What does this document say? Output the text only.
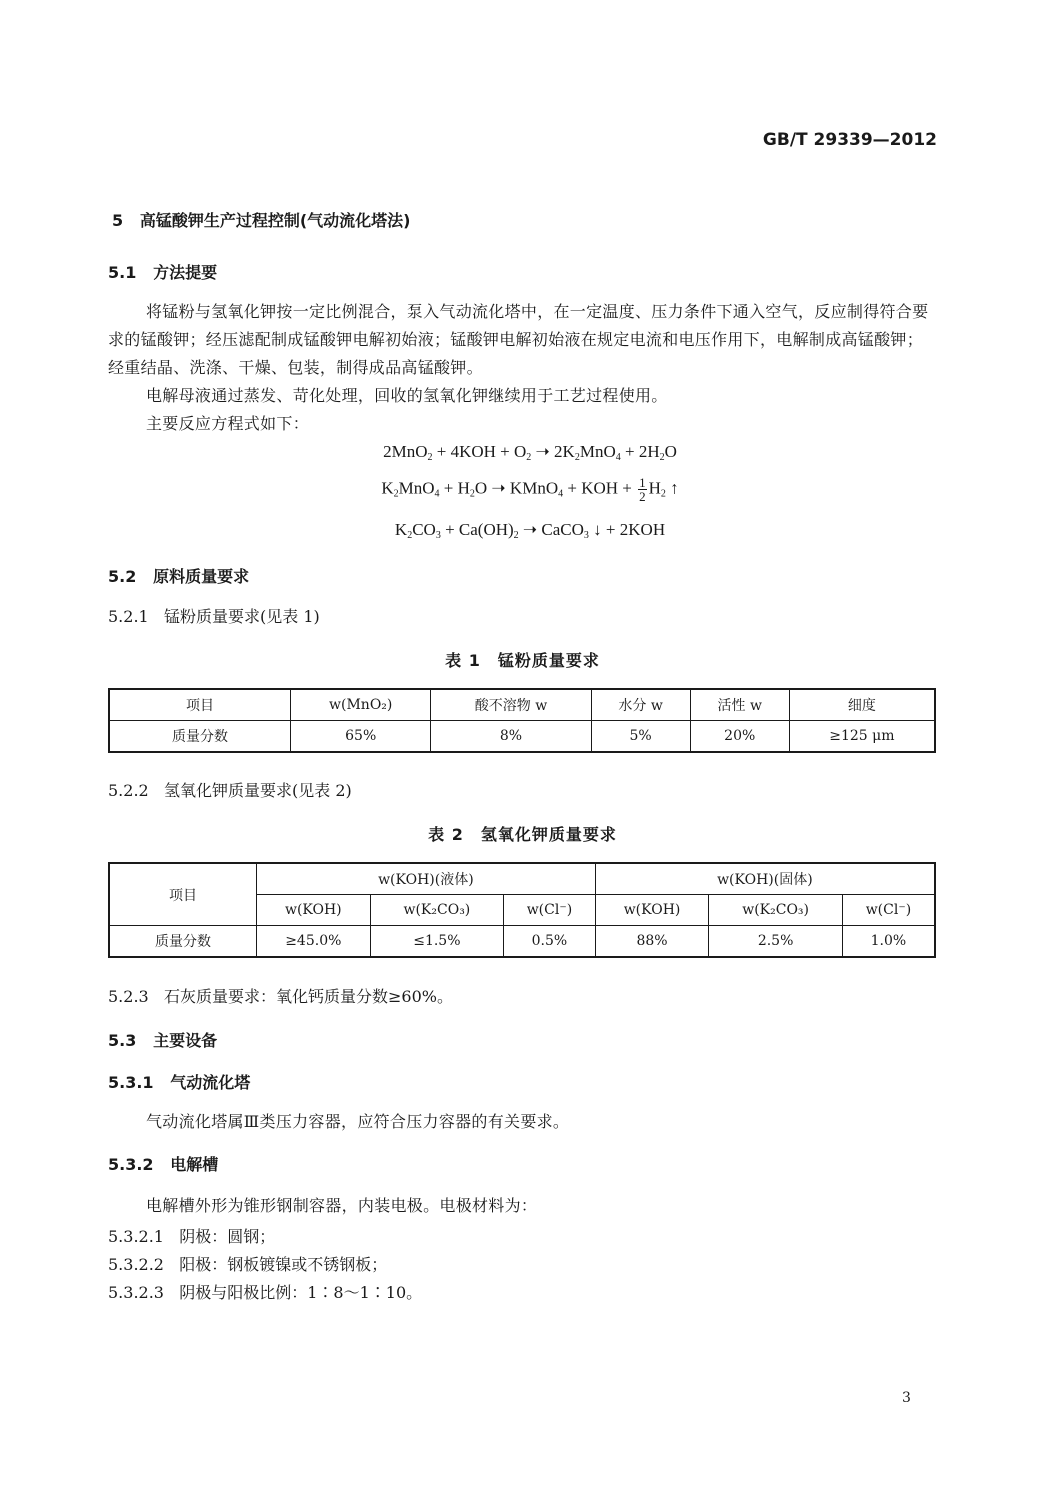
GB/T 29339—2012
5 高锰酸钾生产过程控制(气动流化塔法)
5.1 方法提要
将锰粉与氢氧化钾按一定比例混合，泵入气动流化塔中，在一定温度、压力条件下通入空气，反应制得符合要求的锰酸钾；经压滤配制成锰酸钾电解初始液；锰酸钾电解初始液在规定电流和电压作用下，电解制成高锰酸钾；经重结晶、洗涤、干燥、包装，制得成品高锰酸钾。
电解母液通过蒸发、苛化处理，回收的氢氧化钾继续用于工艺过程使用。
主要反应方程式如下：
$2MnO_2 + 4KOH + O_2$ ➝ $2K_2MnO_4 + 2H_2O$
$K_2MnO_4 + H_2O$ ➝ KMnO$_4$ + KOH + $\frac{1}{2} H_2$ ↑
$K_2CO_3 + Ca(OH)_2$ ➝ CaCO$_3$ ↓ + 2KOH
5.2 原料质量要求
5.2.1 锰粉质量要求(见表 1)
表 1　锰粉质量要求
项目	w(MnO₂)	酸不溶物 w	水分 w	活性 w	细度
质量分数	65%	8%	5%	20%	≥125 μm
5.2.2 氢氧化钾质量要求(见表 2)
表 2　氢氧化钾质量要求
项目	w(KOH)(液体)			w(KOH)(固体)		
	w(KOH)	w(K₂CO₃)	w(Cl⁻)	w(KOH)	w(K₂CO₃)	w(Cl⁻)
质量分数	≥45.0%	≤1.5%	0.5%	88%	2.5%	1.0%
5.2.3 石灰质量要求：氧化钙质量分数≥60%。
5.3 主要设备
5.3.1 气动流化塔
气动流化塔属Ⅲ类压力容器，应符合压力容器的有关要求。
5.3.2 电解槽
电解槽外形为锥形钢制容器，内装电极。电极材料为：
5.3.2.1 阴极：圆钢；
5.3.2.2 阳极：钢板镀镍或不锈钢板；
5.3.2.3 阴极与阳极比例：1∶8～1∶10。
3
